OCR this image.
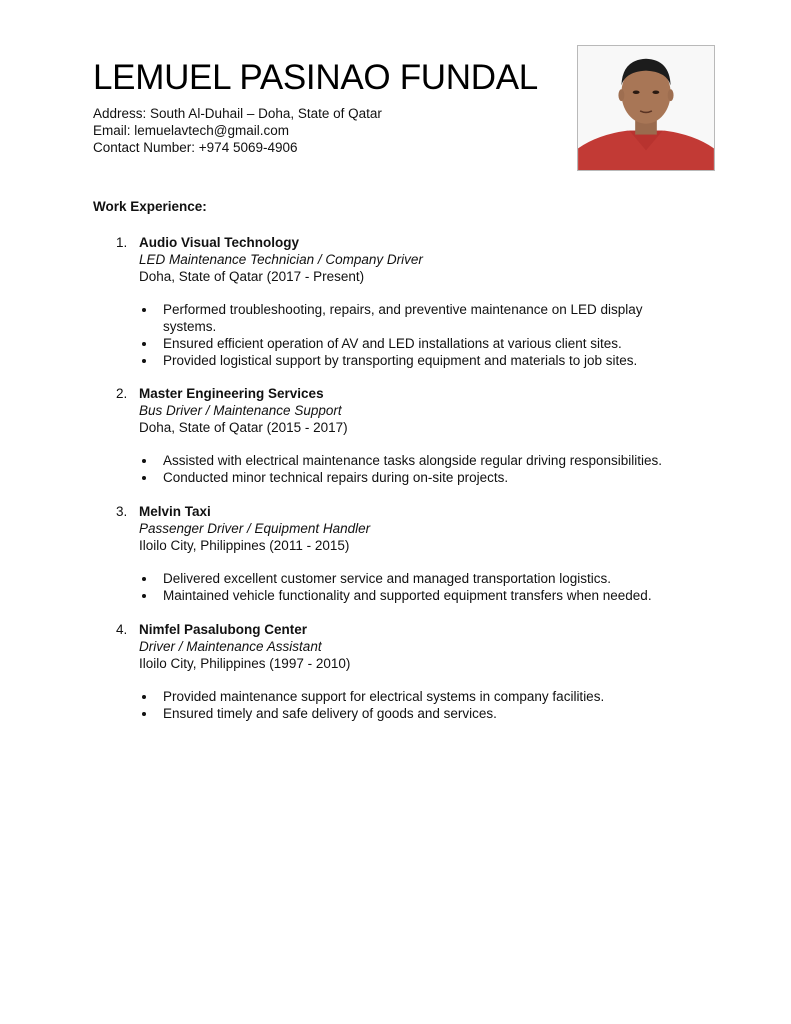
LEMUEL PASINAO FUNDAL
Address: South Al-Duhail – Doha, State of Qatar
Email: lemuelavtech@gmail.com
Contact Number: +974 5069-4906
Work Experience:
1. Audio Visual Technology
LED Maintenance Technician / Company Driver
Doha, State of Qatar (2017 - Present)
Performed troubleshooting, repairs, and preventive maintenance on LED display systems.
Ensured efficient operation of AV and LED installations at various client sites.
Provided logistical support by transporting equipment and materials to job sites.
2. Master Engineering Services
Bus Driver / Maintenance Support
Doha, State of Qatar (2015 - 2017)
Assisted with electrical maintenance tasks alongside regular driving responsibilities.
Conducted minor technical repairs during on-site projects.
3. Melvin Taxi
Passenger Driver / Equipment Handler
Iloilo City, Philippines (2011 - 2015)
Delivered excellent customer service and managed transportation logistics.
Maintained vehicle functionality and supported equipment transfers when needed.
4. Nimfel Pasalubong Center
Driver / Maintenance Assistant
Iloilo City, Philippines (1997 - 2010)
Provided maintenance support for electrical systems in company facilities.
Ensured timely and safe delivery of goods and services.
